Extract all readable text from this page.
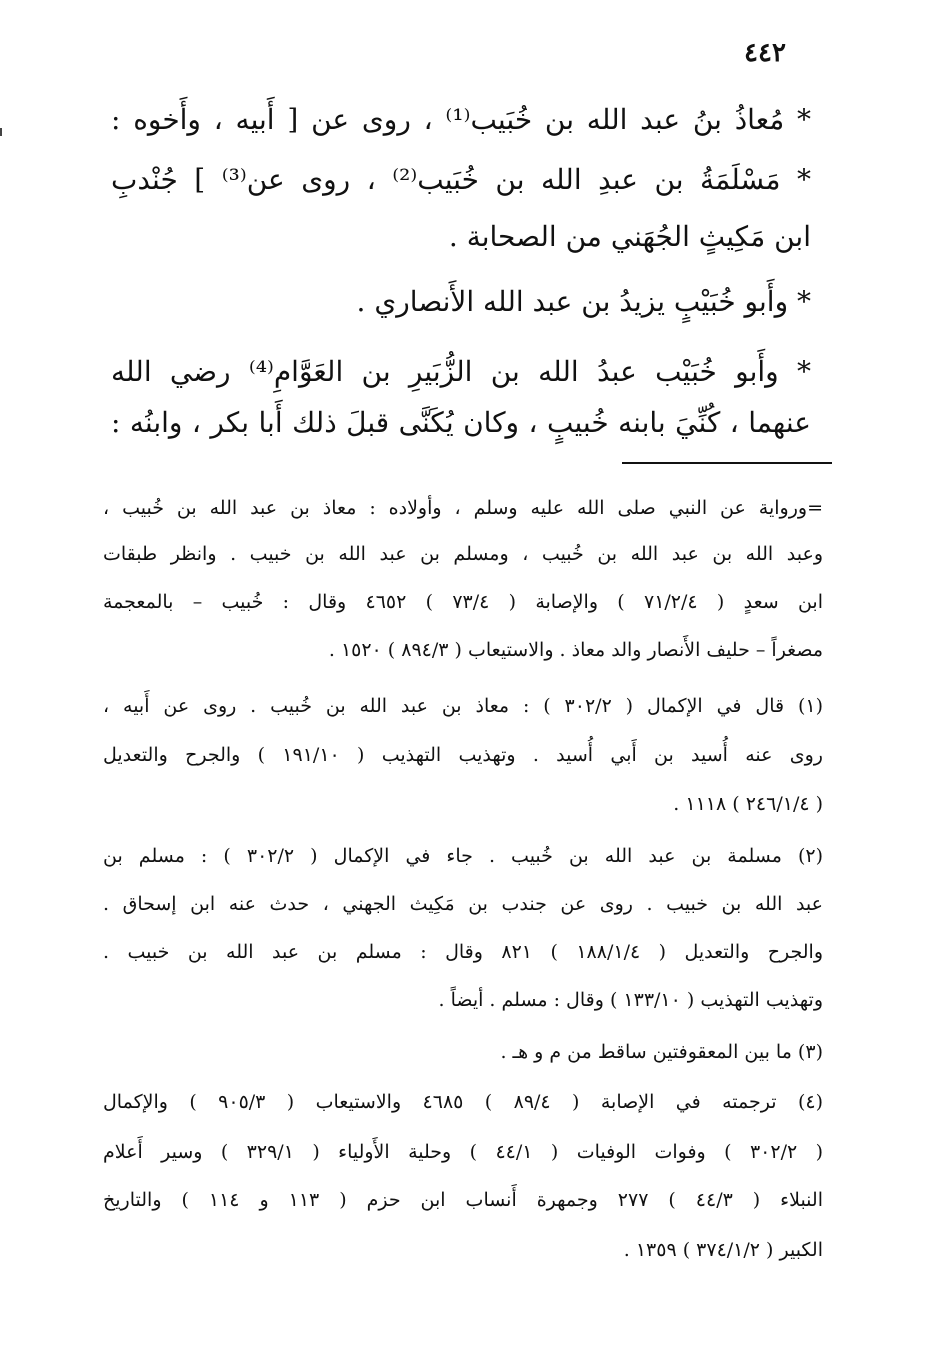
٤٤٢
* مُعاذُ بنُ عبد الله بن خُبَيب⁽¹⁾ ، روى عن [ أَبيه ، وأَخوه :
* مَسْلَمَةُ بن عبدِ الله بن خُبَيب⁽²⁾ ، روى عن⁽³⁾ ] جُنْدبِ
ابن مَكِيثٍ الجُهَني من الصحابة .
* وأَبو خُبَيْبٍ يزيدُ بن عبد الله الأَنصاري .
* وأَبو خُبَيْب عبدُ الله بن الزُّبَيرِ بن العَوَّامِ⁽⁴⁾ رضي الله
عنهما ، كُنِّيَ بابنه خُبيبٍ ، وكان يُكَنَّى قبلَ ذلك أَبا بكر ، وابنُه :
=ورواية عن النبي صلى الله عليه وسلم ، وأولاده : معاذ بن عبد الله بن خُبيب ،
وعبد الله بن عبد الله بن خُبيب ، ومسلم بن عبد الله بن خبيب . وانظر طبقات
ابن سعدٍ ( ٧١/٢/٤ ) والإصابة ( ٧٣/٤ ) ٤٦٥٢ وقال : خُبيب – بالمعجمة
مصغراً – حليف الأَنصار والد معاذ . والاستيعاب ( ٨٩٤/٣ ) ١٥٢٠ .
(١) قال في الإكمال ( ٣٠٢/٢ ) : معاذ بن عبد الله بن خُبيب . روى عن أَبيه ،
روى عنه أُسيد بن أَبي أُسيد . وتهذيب التهذيب ( ١٩١/١٠ ) والجرح والتعديل
( ٢٤٦/١/٤ ) ١١١٨ .
(٢) مسلمة بن عبد الله بن خُبيب . جاء في الإكمال ( ٣٠٢/٢ ) : مسلم بن
عبد الله بن خبيب . روى عن جندب بن مَكِيث الجهني ، حدث عنه ابن إسحاق .
والجرح والتعديل ( ١٨٨/١/٤ ) ٨٢١ وقال : مسلم بن عبد الله بن خبيب .
وتهذيب التهذيب ( ١٣٣/١٠ ) وقال : مسلم . أيضاً .
(٣) ما بين المعقوفتين ساقط من م و هـ .
(٤) ترجمته في الإصابة ( ٨٩/٤ ) ٤٦٨٥ والاستيعاب ( ٩٠٥/٣ ) والإكمال
( ٣٠٢/٢ ) وفوات الوفيات ( ٤٤/١ ) وحلية الأَولياء ( ٣٢٩/١ ) وسير أَعلام
النبلاء ( ٤٤/٣ ) ٢٧٧ وجمهرة أَنساب ابن حزم ( ١١٣ و ١١٤ ) والتاريخ
الكبير ( ٣٧٤/١/٢ ) ١٣٥٩ .
